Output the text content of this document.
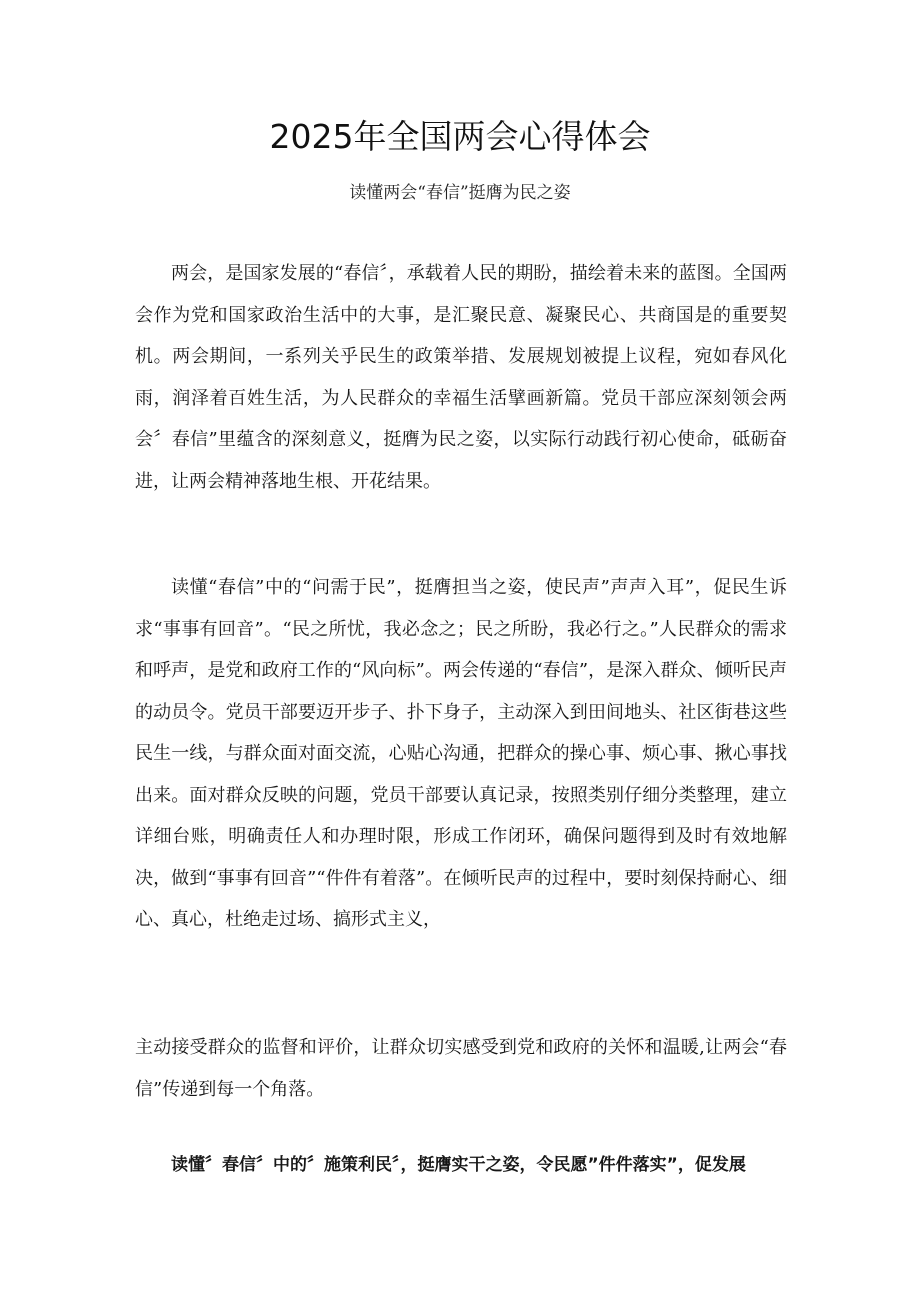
2025年全国两会心得体会
读懂两会“春信”挺膺为民之姿

两会，是国家发展的“春信〞，承载着人民的期盼，描绘着未来的蓝图。全国两会作为党和国家政治生活中的大事，是汇聚民意、凝聚民心、共商国是的重要契机。两会期间，一系列关乎民生的政策举措、发展规划被提上议程，宛如春风化雨，润泽着百姓生活，为人民群众的幸福生活擘画新篇。党员干部应深刻领会两会〞春信”里蕴含的深刻意义，挺膺为民之姿，以实际行动践行初心使命，砥砺奋进，让两会精神落地生根、开花结果。

读懂“春信”中的“问需于民”，挺膺担当之姿，使民声”声声入耳”，促民生诉求“事事有回音”。“民之所忧，我必念之；民之所盼，我必行之。”人民群众的需求和呼声，是党和政府工作的“风向标”。两会传递的“春信”，是深入群众、倾听民声的动员令。党员干部要迈开步子、扑下身子，主动深入到田间地头、社区街巷这些民生一线，与群众面对面交流，心贴心沟通，把群众的操心事、烦心事、揪心事找出来。面对群众反映的问题，党员干部要认真记录，按照类别仔细分类整理，建立详细台账，明确责任人和办理时限，形成工作闭环，确保问题得到及时有效地解决，做到“事事有回音”“件件有着落”。在倾听民声的过程中，要时刻保持耐心、细心、真心，杜绝走过场、搞形式主义，

主动接受群众的监督和评价，让群众切实感受到党和政府的关怀和温暖,让两会“春信”传递到每一个角落。

读懂〞春信〞中的〞施策利民〞，挺膺实干之姿，令民愿”件件落实”，促发展
